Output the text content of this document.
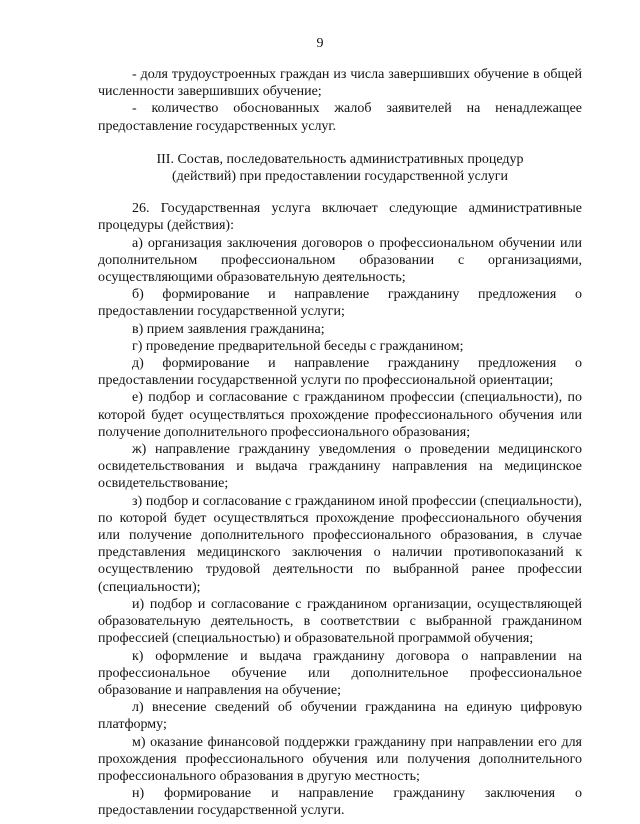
9

- доля трудоустроенных граждан из числа завершивших обучение в общей численности завершивших обучение;

- количество обоснованных жалоб заявителей на ненадлежащее предоставление государственных услуг.

III. Состав, последовательность административных процедур
(действий) при предоставлении государственной услуги

26. Государственная услуга включает следующие административные процедуры (действия):

а) организация заключения договоров о профессиональном обучении или дополнительном профессиональном образовании с организациями, осуществляющими образовательную деятельность;

б) формирование и направление гражданину предложения о предоставлении государственной услуги;

в) прием заявления гражданина;

г) проведение предварительной беседы с гражданином;

д) формирование и направление гражданину предложения о предоставлении государственной услуги по профессиональной ориентации;

е) подбор и согласование с гражданином профессии (специальности), по которой будет осуществляться прохождение профессионального обучения или получение дополнительного профессионального образования;

ж) направление гражданину уведомления о проведении медицинского освидетельствования и выдача гражданину направления на медицинское освидетельствование;

з) подбор и согласование с гражданином иной профессии (специальности), по которой будет осуществляться прохождение профессионального обучения или получение дополнительного профессионального образования, в случае представления медицинского заключения о наличии противопоказаний к осуществлению трудовой деятельности по выбранной ранее профессии (специальности);

и) подбор и согласование с гражданином организации, осуществляющей образовательную деятельность, в соответствии с выбранной гражданином профессией (специальностью) и образовательной программой обучения;

к) оформление и выдача гражданину договора о направлении на профессиональное обучение или дополнительное профессиональное образование и направления на обучение;

л) внесение сведений об обучении гражданина на единую цифровую платформу;

м) оказание финансовой поддержки гражданину при направлении его для прохождения профессионального обучения или получения дополнительного профессионального образования в другую местность;

н) формирование и направление гражданину заключения о предоставлении государственной услуги.
